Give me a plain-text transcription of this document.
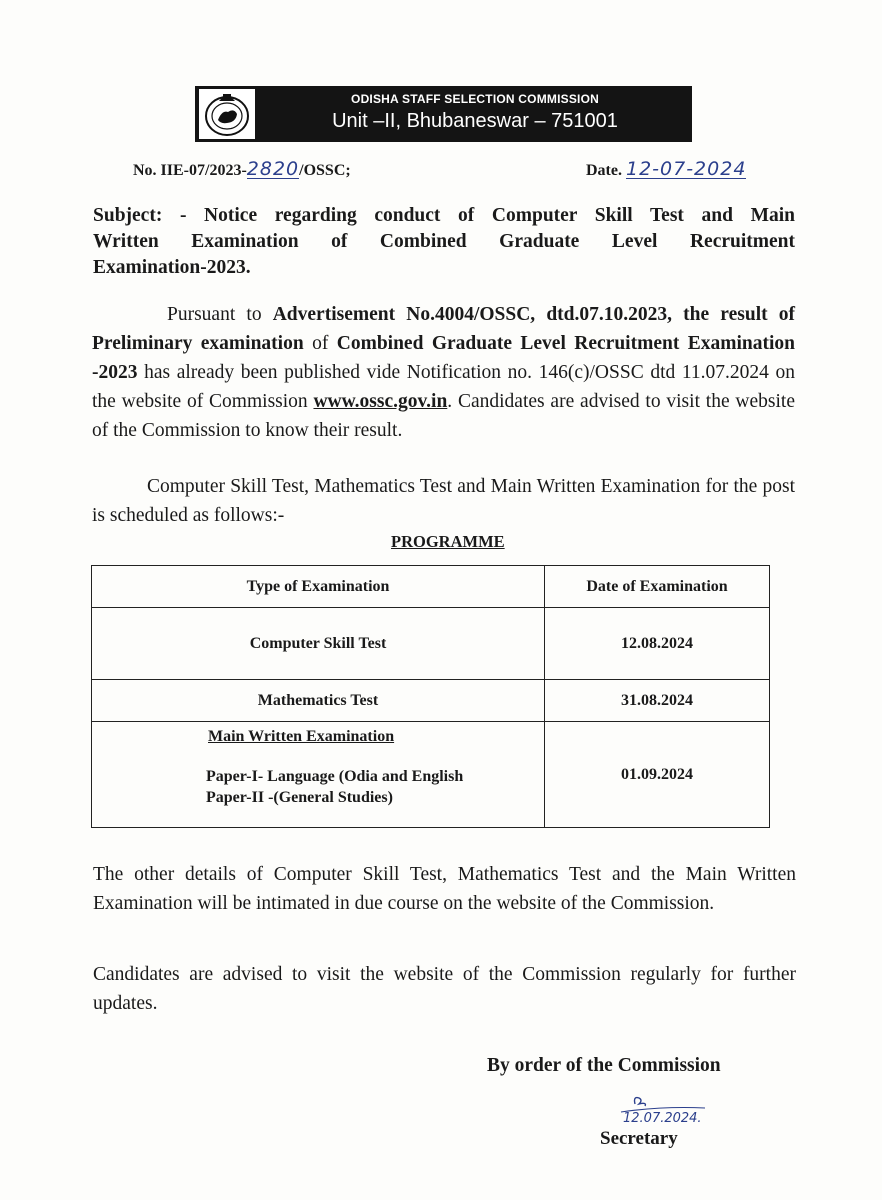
ODISHA STAFF SELECTION COMMISSION
Unit –II, Bhubaneswar – 751001
No. IIE-07/2023-2820/OSSC;	Date. 12-07-2024
Subject: - Notice regarding conduct of Computer Skill Test and Main
Written Examination of Combined Graduate Level Recruitment
Examination-2023.
Pursuant to Advertisement No.4004/OSSC, dtd.07.10.2023, the result of Preliminary examination of Combined Graduate Level Recruitment Examination -2023 has already been published vide Notification no. 146(c)/OSSC dtd 11.07.2024 on the website of Commission www.ossc.gov.in. Candidates are advised to visit the website of the Commission to know their result.
Computer Skill Test, Mathematics Test and Main Written Examination for the post is scheduled as follows:-
PROGRAMME
Type of Examination	Date of Examination
Computer Skill Test	12.08.2024
Mathematics Test	31.08.2024

Main Written Examination
Paper-I- Language (Odia and English
Paper-II -(General Studies)	01.09.2024
The other details of Computer Skill Test, Mathematics Test and the Main Written Examination will be intimated in due course on the website of the Commission.
Candidates are advised to visit the website of the Commission regularly for further updates.
By order of the Commission
12.07.2024.
Secretary
